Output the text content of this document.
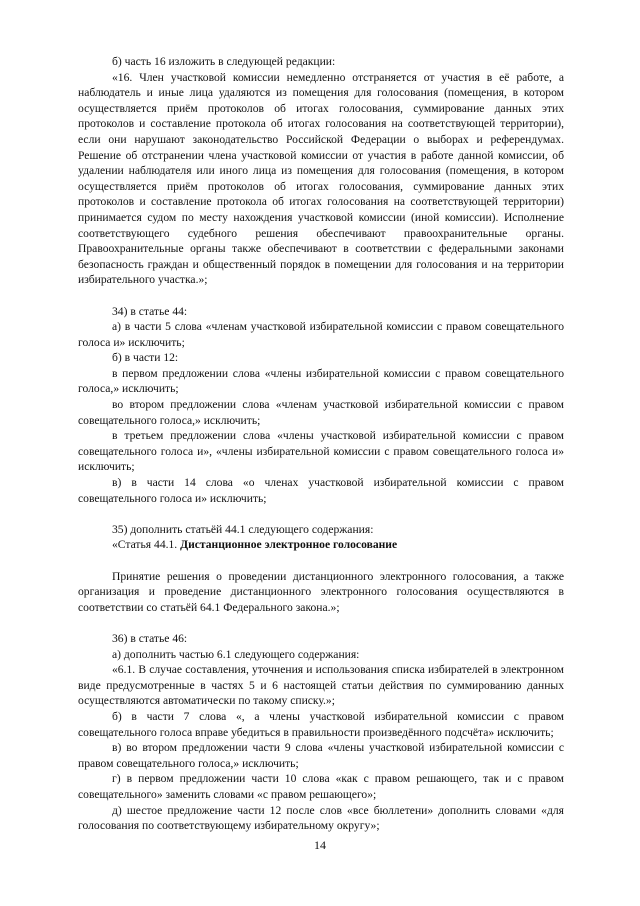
б) часть 16 изложить в следующей редакции:

«16. Член участковой комиссии немедленно отстраняется от участия в её работе, а наблюдатель и иные лица удаляются из помещения для голосования (помещения, в котором осуществляется приём протоколов об итогах голосования, суммирование данных этих протоколов и составление протокола об итогах голосования на соответствующей территории), если они нарушают законодательство Российской Федерации о выборах и референдумах. Решение об отстранении члена участковой комиссии от участия в работе данной комиссии, об удалении наблюдателя или иного лица из помещения для голосования (помещения, в котором осуществляется приём протоколов об итогах голосования, суммирование данных этих протоколов и составление протокола об итогах голосования на соответствующей территории) принимается судом по месту нахождения участковой комиссии (иной комиссии). Исполнение соответствующего судебного решения обеспечивают правоохранительные органы. Правоохранительные органы также обеспечивают в соответствии с федеральными законами безопасность граждан и общественный порядок в помещении для голосования и на территории избирательного участка.»;

34) в статье 44:

а) в части 5 слова «членам участковой избирательной комиссии с правом совещательного голоса и» исключить;

б) в части 12:

в первом предложении слова «члены избирательной комиссии с правом совещательного голоса,» исключить;

во втором предложении слова «членам участковой избирательной комиссии с правом совещательного голоса,» исключить;

в третьем предложении слова «члены участковой избирательной комиссии с правом совещательного голоса и», «члены избирательной комиссии с правом совещательного голоса и» исключить;

в) в части 14 слова «о членах участковой избирательной комиссии с правом совещательного голоса и» исключить;

35) дополнить статьёй 44.1 следующего содержания:

«Статья 44.1. Дистанционное электронное голосование

Принятие решения о проведении дистанционного электронного голосования, а также организация и проведение дистанционного электронного голосования осуществляются в соответствии со статьёй 64.1 Федерального закона.»;

36) в статье 46:

а) дополнить частью 6.1 следующего содержания:

«6.1. В случае составления, уточнения и использования списка избирателей в электронном виде предусмотренные в частях 5 и 6 настоящей статьи действия по суммированию данных осуществляются автоматически по такому списку.»;

б) в части 7 слова «, а члены участковой избирательной комиссии с правом совещательного голоса вправе убедиться в правильности произведённого подсчёта» исключить;

в) во втором предложении части 9 слова «члены участковой избирательной комиссии с правом совещательного голоса,» исключить;

г) в первом предложении части 10 слова «как с правом решающего, так и с правом совещательного» заменить словами «с правом решающего»;

д) шестое предложение части 12 после слов «все бюллетени» дополнить словами «для голосования по соответствующему избирательному округу»;

14
